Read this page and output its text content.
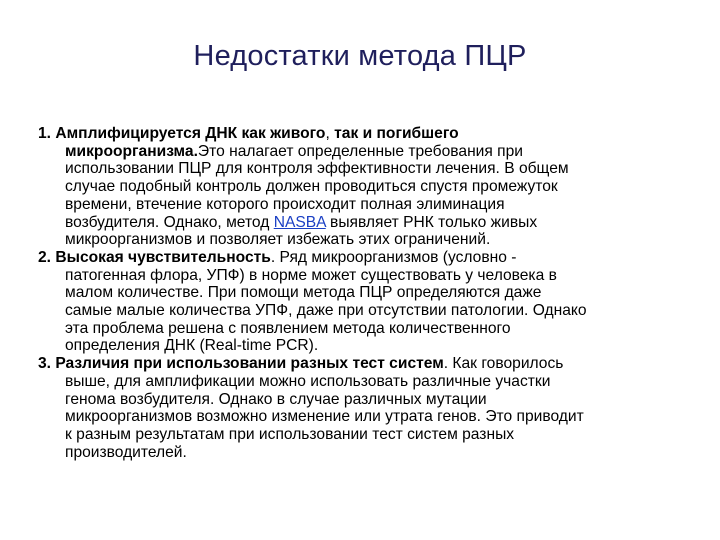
Недостатки метода ПЦР
1. Амплифицируется ДНК как живого, так и погибшего
микроорганизма.Это налагает определенные требования при
использовании ПЦР для контроля эффективности лечения. В общем
случае подобный контроль должен проводиться спустя промежуток
времени, втечение которого происходит полная элиминация
возбудителя. Однако, метод NASBA выявляет РНК только живых
микроорганизмов и позволяет избежать этих ограничений.
2. Высокая чувствительность. Ряд микроорганизмов (условно -
патогенная флора, УПФ) в норме может существовать у человека в
малом количестве. При помощи метода ПЦР определяются даже
самые малые количества УПФ, даже при отсутствии патологии. Однако
эта проблема решена с появлением метода количественного
определения ДНК (Real-time PCR).
3. Различия при использовании разных тест систем. Как говорилось
выше, для амплификации можно использовать различные участки
генома возбудителя. Однако в случае различных мутации
микроорганизмов возможно изменение или утрата генов. Это приводит
к разным результатам при использовании тест систем разных
производителей.
